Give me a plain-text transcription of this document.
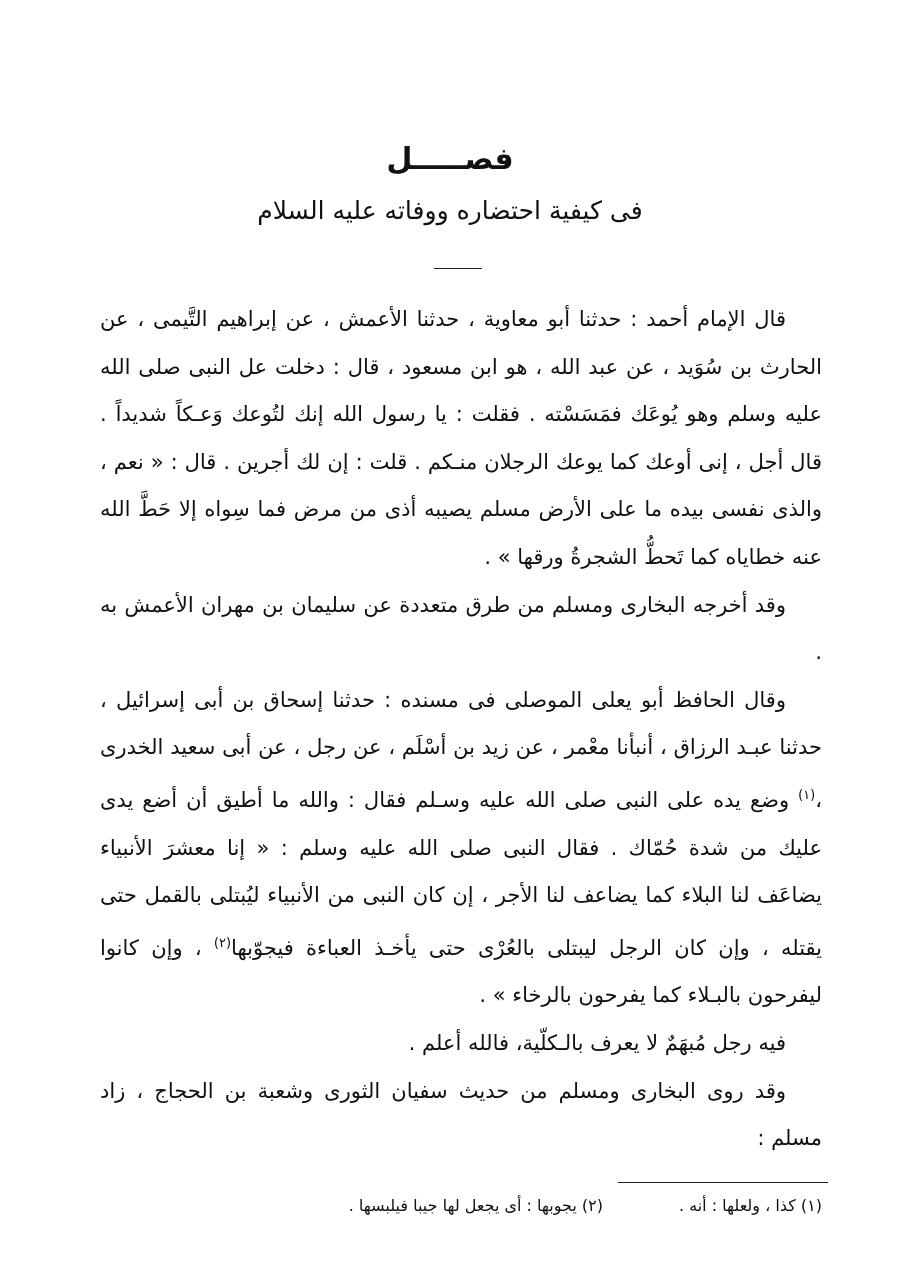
فصـــــل
فى كيفية احتضاره ووفاته عليه السلام

قال الإمام أحمد : حدثنا أبو معاوية ، حدثنا الأعمش ، عن إبراهيم التَّيمى ، عن الحارث بن سُوَيد ، عن عبد الله ، هو ابن مسعود ، قال : دخلت عل النبى صلى الله عليه وسلم وهو يُوعَك فمَسَسْته . فقلت : يا رسول الله إنك لتُوعك وَعـكاً شديداً . قال أجل ، إنى أوعك كما يوعك الرجلان منـكم . قلت : إن لك أجرين . قال : « نعم ، والذى نفسى بيده ما على الأرض مسلم يصيبه أذى من مرض فما سِواه إلا حَطَّ الله عنه خطاياه كما تَحطُّ الشجرةُ ورقها » .

وقد أخرجه البخارى ومسلم من طرق متعددة عن سليمان بن مهران الأعمش به .

وقال الحافظ أبو يعلى الموصلى فى مسنده : حدثنا إسحاق بن أبى إسرائيل ، حدثنا عبـد الرزاق ، أنبأنا معْمر ، عن زيد بن أسْلَم ، عن رجل ، عن أبى سعيد الخدرى ،$^{(١)}$ وضع يده على النبى صلى الله عليه وسـلم فقال : والله ما أطيق أن أضع يدى عليك من شدة حُمّاك . فقال النبى صلى الله عليه وسلم : « إنا معشرَ الأنبياء يضاعَف لنا البلاء كما يضاعف لنا الأجر ، إن كان النبى من الأنبياء ليُبتلى بالقمل حتى يقتله ، وإن كان الرجل ليبتلى بالعُرْى حتى يأخـذ العباءة فيجوّبها$^{(٢)}$ ، وإن كانوا ليفرحون بالبـلاء كما يفرحون بالرخاء » .

فيه رجل مُبهَمٌ لا يعرف بالـكلّية، فالله أعلم .

وقد روى البخارى ومسلم من حديث سفيان الثورى وشعبة بن الحجاج ، زاد مسلم :

(١) كذا ، ولعلها : أنه .
(٢) يجوبها : أى يجعل لها جيبا فيلبسها .
